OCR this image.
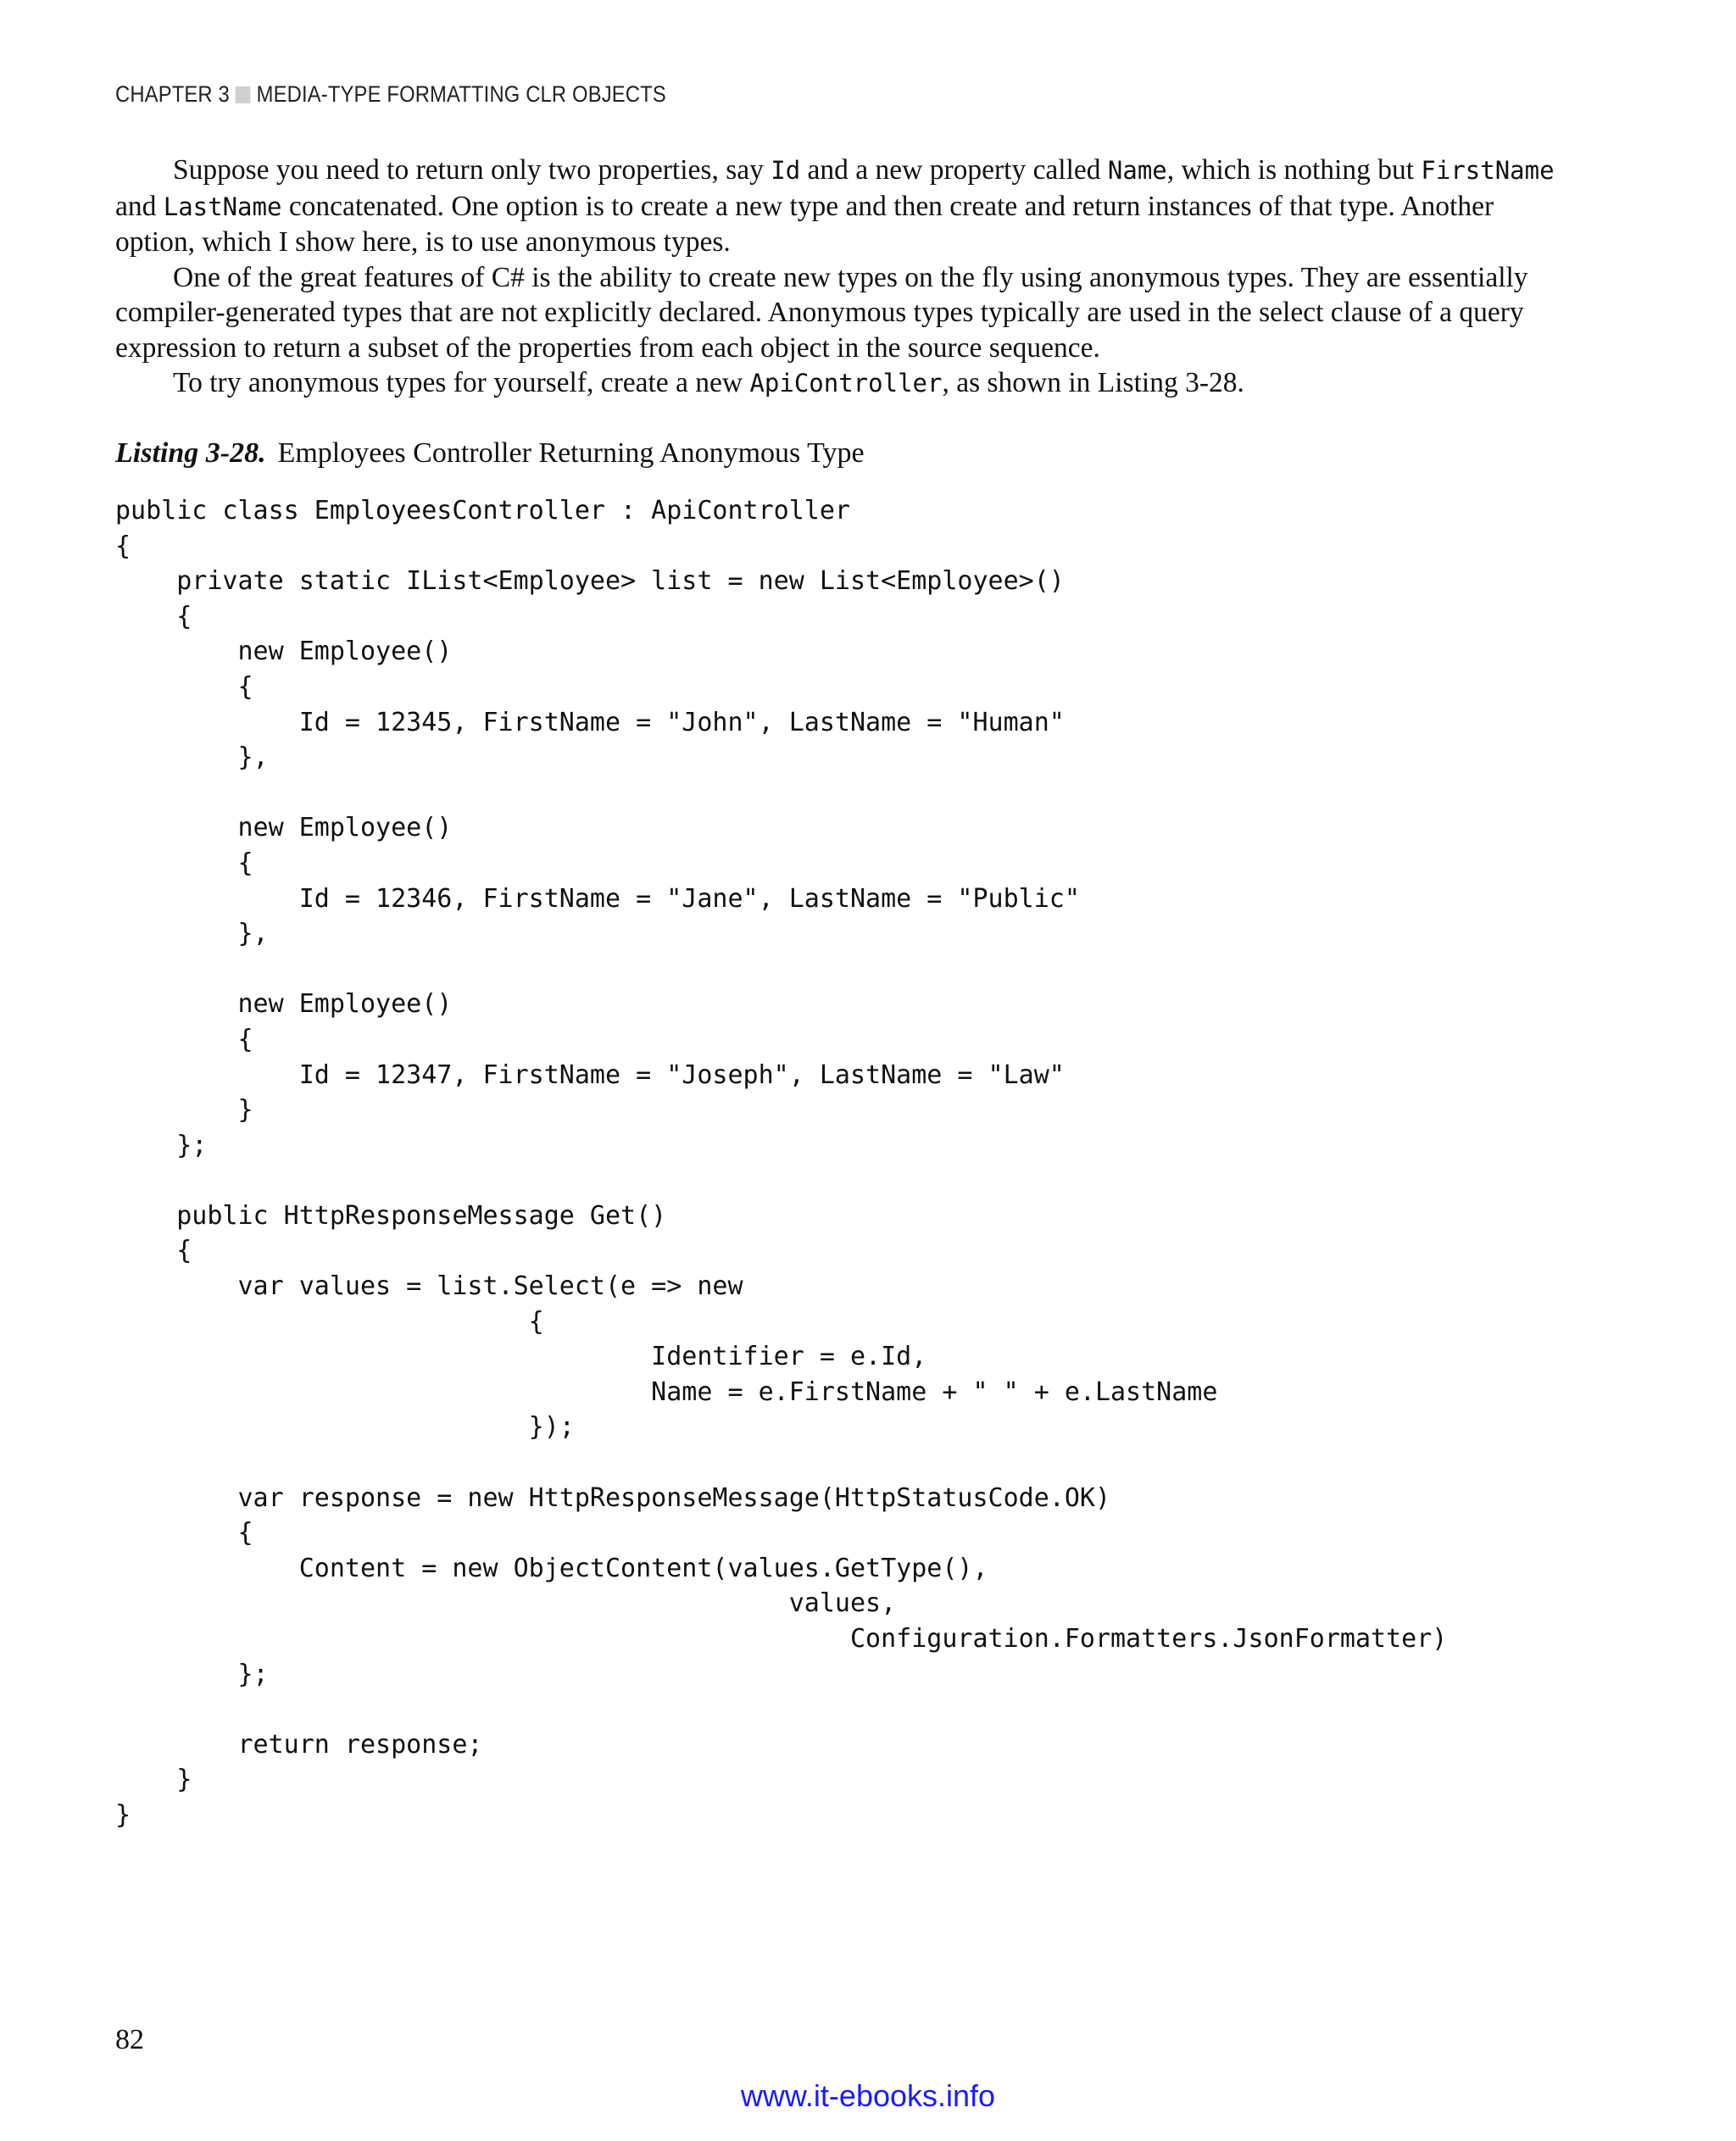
CHAPTER 3 MEDIA-TYPE FORMATTING CLR OBJECTS

Suppose you need to return only two properties, say Id and a new property called Name, which is nothing but FirstName and LastName concatenated. One option is to create a new type and then create and return instances of that type. Another option, which I show here, is to use anonymous types.

One of the great features of C# is the ability to create new types on the fly using anonymous types. They are essentially compiler-generated types that are not explicitly declared. Anonymous types typically are used in the select clause of a query expression to return a subset of the properties from each object in the source sequence.

To try anonymous types for yourself, create a new ApiController, as shown in Listing 3-28.

Listing 3-28. Employees Controller Returning Anonymous Type
public class EmployeesController : ApiController
{
private static IList<Employee> list = new List<Employee>()
{
new Employee()
{
Id = 12345, FirstName = "John", LastName = "Human"
},

new Employee()
{
Id = 12346, FirstName = "Jane", LastName = "Public"
},

new Employee()
{
Id = 12347, FirstName = "Joseph", LastName = "Law"
}
};

public HttpResponseMessage Get()
{
var values = list.Select(e => new
{
Identifier = e.Id,
Name = e.FirstName + " " + e.LastName
});

var response = new HttpResponseMessage(HttpStatusCode.OK)
{
Content = new ObjectContent(values.GetType(),
values,
Configuration.Formatters.JsonFormatter)
};

return response;
}
}
82
www.it-ebooks.info
